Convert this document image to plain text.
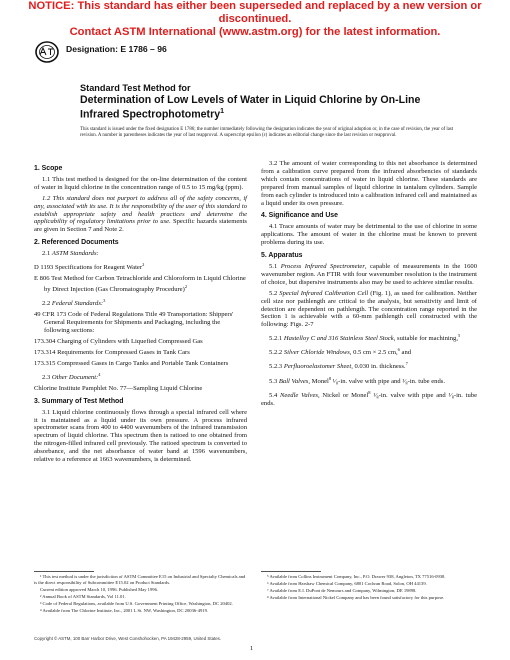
NOTICE: This standard has either been superseded and replaced by a new version or discontinued.
Contact ASTM International (www.astm.org) for the latest information.
Designation: E 1786 – 96
Standard Test Method for
Determination of Low Levels of Water in Liquid Chlorine by On-Line Infrared Spectrophotometry$^1$
This standard is issued under the fixed designation E 1786; the number immediately following the designation indicates the year of original adoption or, in the case of revision, the year of last revision. A number in parentheses indicates the year of last reapproval. A superscript epsilon (ε) indicates an editorial change since the last revision or reapproval.
1. Scope

1.1 This test method is designed for the on-line determination of the content of water in liquid chlorine in the concentration range of 0.5 to 15 mg/kg (ppm).

1.2 This standard does not purport to address all of the safety concerns, if any, associated with its use. It is the responsibility of the user of this standard to establish appropriate safety and health practices and determine the applicability of regulatory limitations prior to use. Specific hazards statements are given in Section 7 and Note 2.

2. Referenced Documents

2.1 ASTM Standards:

D 1193 Specifications for Reagent Water$^2$

E 806 Test Method for Carbon Tetrachloride and Chloroform in Liquid Chlorine by Direct Injection (Gas Chromatography Procedure)$^2$

2.2 Federal Standards:$^3$

49 CFR 173 Code of Federal Regulations Title 49 Transportation: Shippers' General Requirements for Shipments and Packaging, including the following sections:

173.304 Charging of Cylinders with Liquefied Compressed Gas

173.314 Requirements for Compressed Gases in Tank Cars

173.315 Compressed Gases in Cargo Tanks and Portable Tank Containers

2.3 Other Document:$^4$

Chlorine Institute Pamphlet No. 77—Sampling Liquid Chlorine

3. Summary of Test Method

3.1 Liquid chlorine continuously flows through a special infrared cell where it is maintained as a liquid under its own pressure. A process infrared spectrometer scans from 400 to 4400 wavenumbers of the infrared transmission spectrum of liquid chlorine. This spectrum then is ratioed to one obtained from the nitrogen-filled infrared cell previously. The ratioed spectrum is converted to absorbance, and the net absorbance of water band at 1596 wavenumbers, relative to a reference at 1663 wavenumbers, is determined.

3.2 The amount of water corresponding to this net absorbance is determined from a calibration curve prepared from the infrared absorbencies of standards which contain concentrations of water in liquid chlorine. These standards are prepared from manual samples of liquid chlorine in tantalum cylinders. Sample from each cylinder is introduced into a calibration infrared cell and maintained as a liquid under its own pressure.

4. Significance and Use

4.1 Trace amounts of water may be detrimental to the use of chlorine in some applications. The amount of water in the chlorine must be known to prevent problems during its use.

5. Apparatus

5.1 Process Infrared Spectrometer, capable of measurements in the 1600 wavenumber region. An FTIR with four wavenumber resolution is the instrument of choice, but dispersive instruments also may be used to achieve similar results.

5.2 Special Infrared Calibration Cell (Fig. 1), as used for calibration. Neither cell size nor pathlength are critical to the analysis, but sensitivity and limit of detection are dependent on pathlength. The concentration range reported in the Section 1 is achievable with a 60-mm pathlength cell constructed with the following: Figs. 2-7

5.2.1 Hastelloy C and 316 Stainless Steel Stock, suitable for machining,$^5$

5.2.2 Silver Chloride Windows, 0.5 cm × 2.5 cm,$^6$ and

5.2.3 Perfluoroelastomer Sheet, 0.030 in. thickness.$^7$

5.3 Ball Valves, Monel$^8$ ¹⁄₈-in. valve with pipe and ¹⁄₈-in. tube ends.

5.4 Needle Valves, Nickel or Monel$^8$ ¹⁄₈-in. valve with pipe and ¹⁄₈-in. tube ends.

¹ This test method is under the jurisdiction of ASTM Committee E15 on Industrial and Specialty Chemicals and is the direct responsibility of Subcommittee E15.02 on Product Standards.

Current edition approved March 10, 1996. Published May 1996.

² Annual Book of ASTM Standards, Vol 11.01.

³ Code of Federal Regulations, available from U.S. Government Printing Office, Washington, DC 20402.

⁴ Available from The Chlorine Institute, Inc., 2001 L St. NW, Washington, DC 20036-4919.

⁵ Available from Collins Instrument Company, Inc., P.O. Drawer 938, Angleton, TX 77516-0938.

⁶ Available from Harshaw Chemical Company, 6801 Cochran Road, Solon, OH 44139.

⁷ Available from E.I. DuPont de Nemours and Company, Wilmington, DE 19898.

⁸ Available from International Nickel Company and has been found satisfactory for this purpose.

Copyright © ASTM, 100 Barr Harbor Drive, West Conshohocken, PA 19428-2959, United States.
1
